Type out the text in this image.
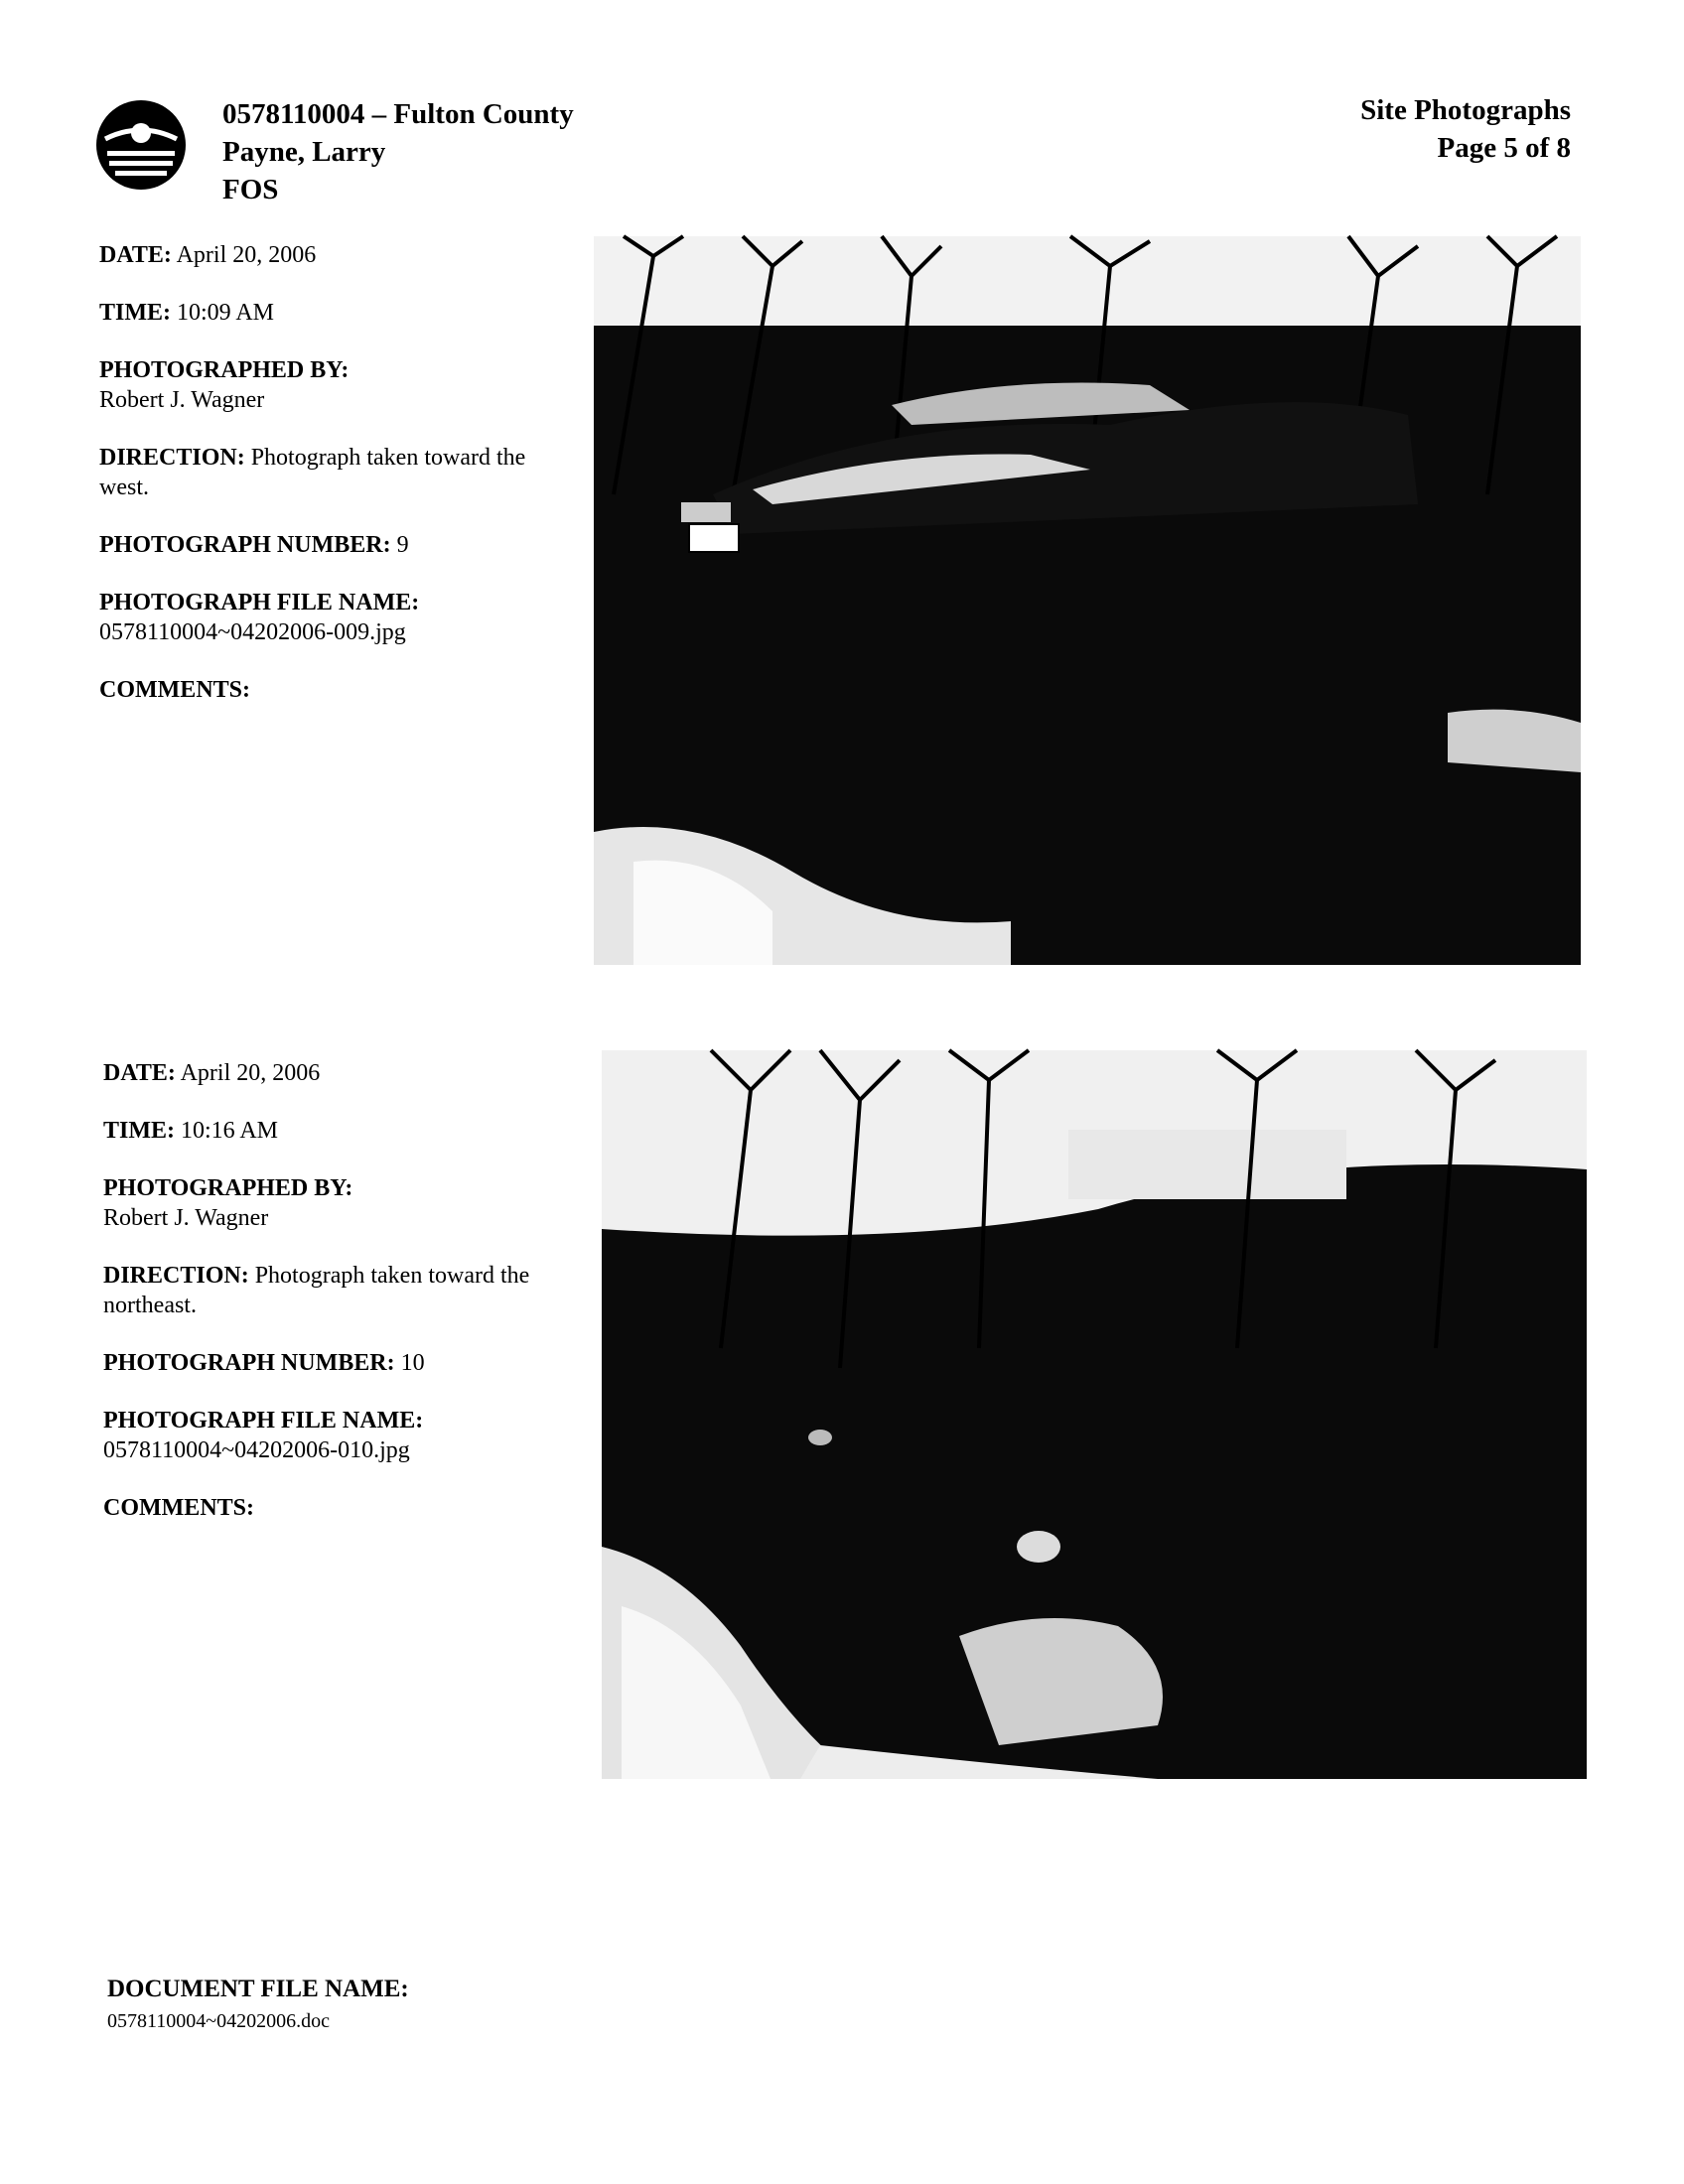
0578110004 – Fulton County
Payne, Larry
FOS
Site Photographs
Page 5 of 8
DATE: April 20, 2006
TIME: 10:09 AM
PHOTOGRAPHED BY:
Robert J. Wagner
DIRECTION: Photograph taken toward the west.
PHOTOGRAPH NUMBER: 9
PHOTOGRAPH FILE NAME:
0578110004~04202006-009.jpg
COMMENTS:
DATE: April 20, 2006
TIME: 10:16 AM
PHOTOGRAPHED BY:
Robert J. Wagner
DIRECTION: Photograph taken toward the northeast.
PHOTOGRAPH NUMBER: 10
PHOTOGRAPH FILE NAME:
0578110004~04202006-010.jpg
COMMENTS:
DOCUMENT FILE NAME:
0578110004~04202006.doc
